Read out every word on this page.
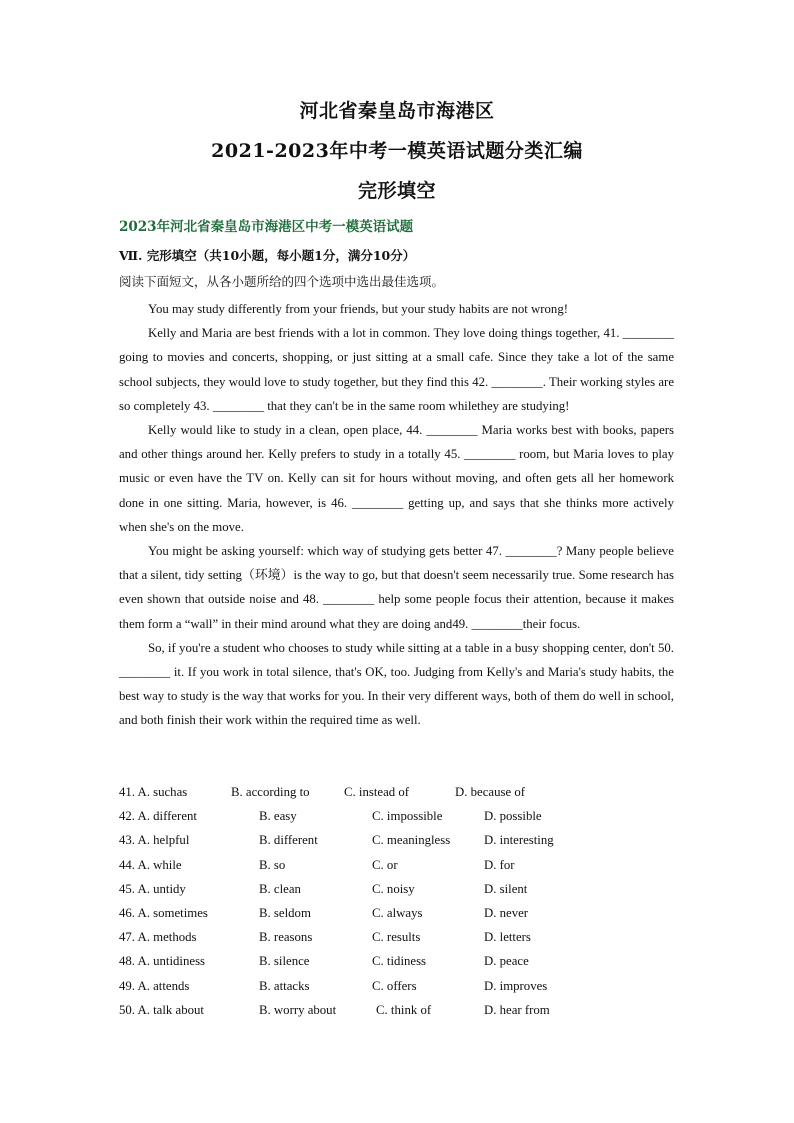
河北省秦皇岛市海港区
2021-2023年中考一模英语试题分类汇编
完形填空
2023年河北省秦皇岛市海港区中考一模英语试题
Ⅶ. 完形填空（共10小题，每小题1分，满分10分）
阅读下面短文，从各小题所给的四个选项中选出最佳选项。

You may study differently from your friends, but your study habits are not wrong!

Kelly and Maria are best friends with a lot in common. They love doing things together, 41. ________ going to movies and concerts, shopping, or just sitting at a small cafe. Since they take a lot of the same school subjects, they would love to study together, but they find this 42. ________. Their working styles are so completely 43. ________ that they can't be in the same room whilethey are studying!

Kelly would like to study in a clean, open place, 44. ________ Maria works best with books, papers and other things around her. Kelly prefers to study in a totally 45. ________ room, but Maria loves to play music or even have the TV on. Kelly can sit for hours without moving, and often gets all her homework done in one sitting. Maria, however, is 46. ________ getting up, and says that she thinks more actively when she's on the move.

You might be asking yourself: which way of studying gets better 47. ________? Many people believe that a silent, tidy setting（环境）is the way to go, but that doesn't seem necessarily true. Some research has even shown that outside noise and 48. ________ help some people focus their attention, because it makes them form a “wall” in their mind around what they are doing and49. ________their focus.

So, if you're a student who chooses to study while sitting at a table in a busy shopping center, don't 50. ________ it. If you work in total silence, that's OK, too. Judging from Kelly's and Maria's study habits, the best way to study is the way that works for you. In their very different ways, both of them do well in school, and both finish their work within the required time as well.

41. A. suchas	B. according to	C. instead of	D. because of
42. A. different	B. easy	C. impossible	D. possible
43. A. helpful	B. different	C. meaningless	D. interesting
44. A. while	B. so	C. or	D. for
45. A. untidy	B. clean	C. noisy	D. silent
46. A. sometimes	B. seldom	C. always	D. never
47. A. methods	B. reasons	C. results	D. letters
48. A. untidiness	B. silence	C. tidiness	D. peace
49. A. attends	B. attacks	C. offers	D. improves
50. A. talk about	B. worry about	C. think of	D. hear from
